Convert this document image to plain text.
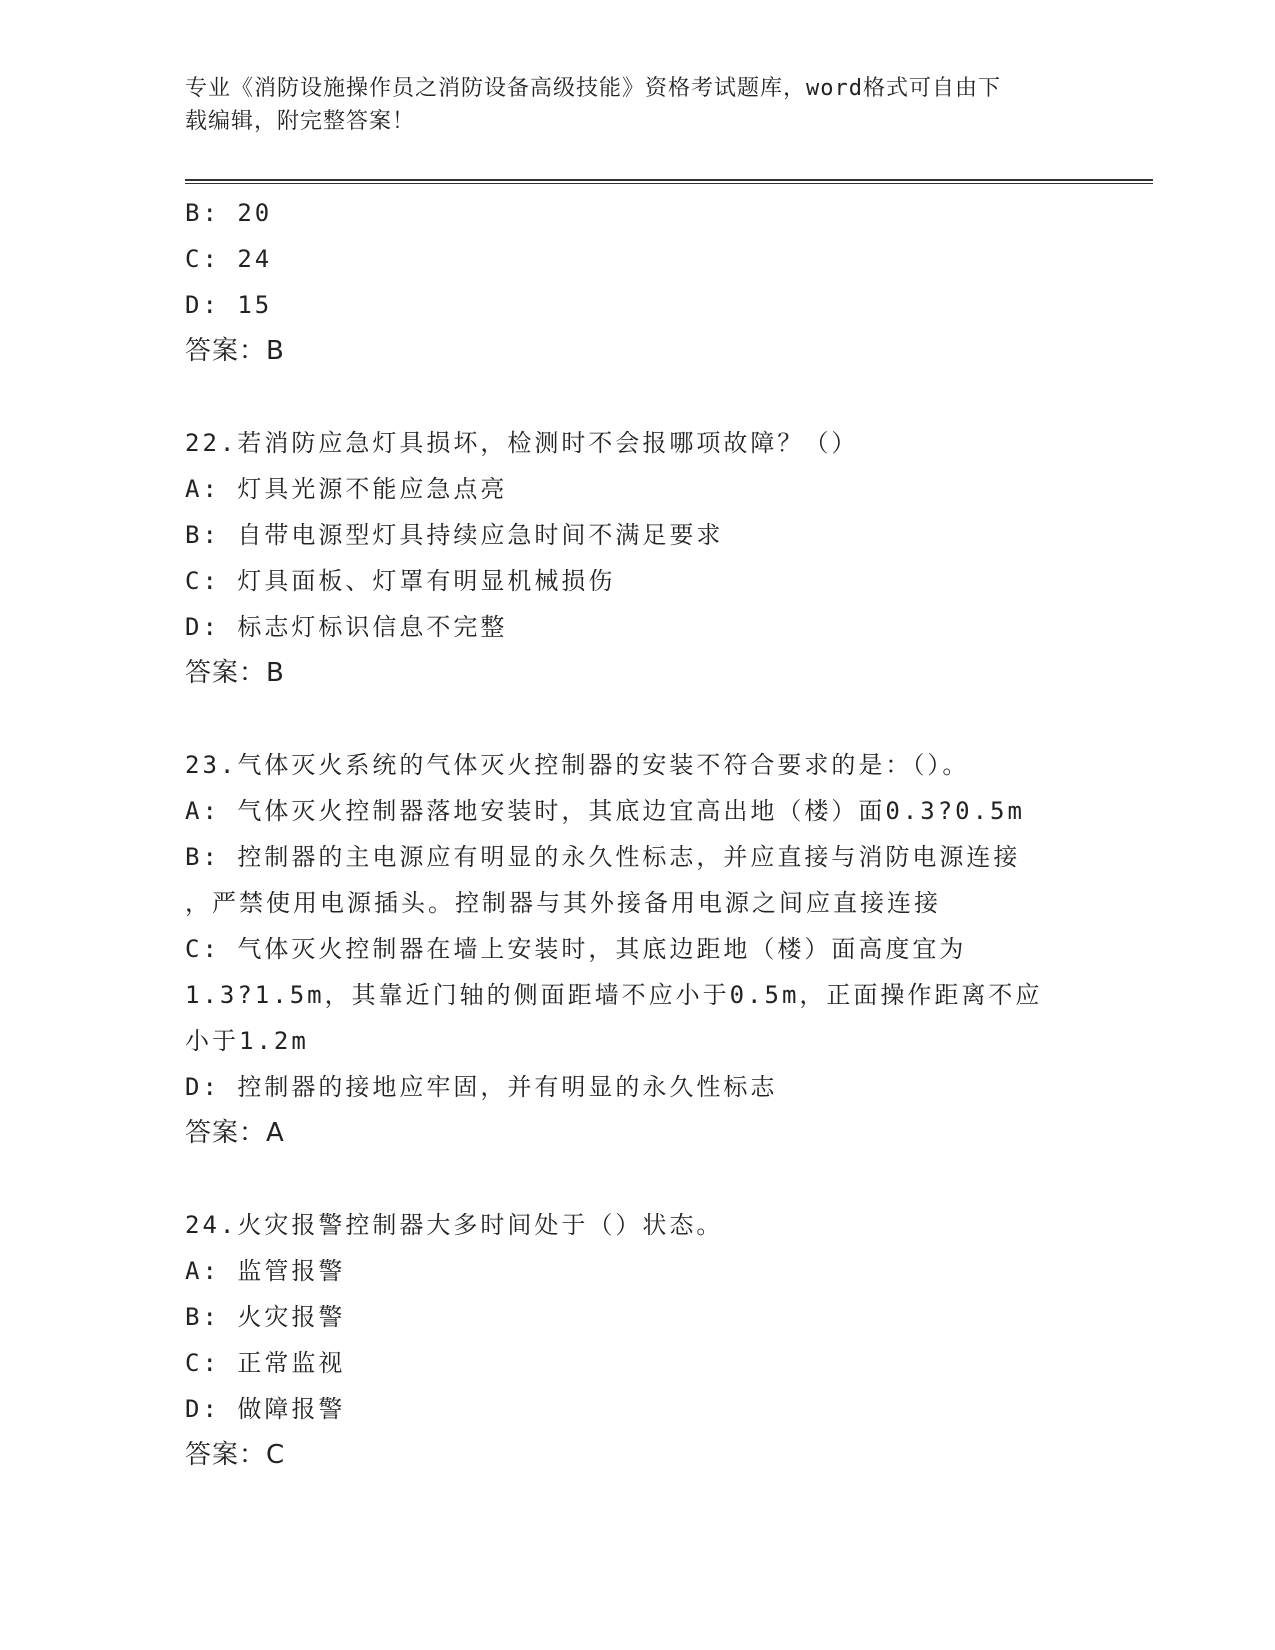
专业《消防设施操作员之消防设备高级技能》资格考试题库，word格式可自由下
载编辑，附完整答案！
B: 20
C: 24
D: 15
答案：B
22.若消防应急灯具损坏，检测时不会报哪项故障？（）
A: 灯具光源不能应急点亮
B: 自带电源型灯具持续应急时间不满足要求
C: 灯具面板、灯罩有明显机械损伤
D: 标志灯标识信息不完整
答案：B
23.气体灭火系统的气体灭火控制器的安装不符合要求的是：（）。
A: 气体灭火控制器落地安装时，其底边宜高出地（楼）面0.3?0.5m
B: 控制器的主电源应有明显的永久性标志，并应直接与消防电源连接
，严禁使用电源插头。控制器与其外接备用电源之间应直接连接
C: 气体灭火控制器在墙上安装时，其底边距地（楼）面高度宜为
1.3?1.5m，其靠近门轴的侧面距墙不应小于0.5m，正面操作距离不应
小于1.2m
D: 控制器的接地应牢固，并有明显的永久性标志
答案：A
24.火灾报警控制器大多时间处于（）状态。
A: 监管报警
B: 火灾报警
C: 正常监视
D: 做障报警
答案：C
